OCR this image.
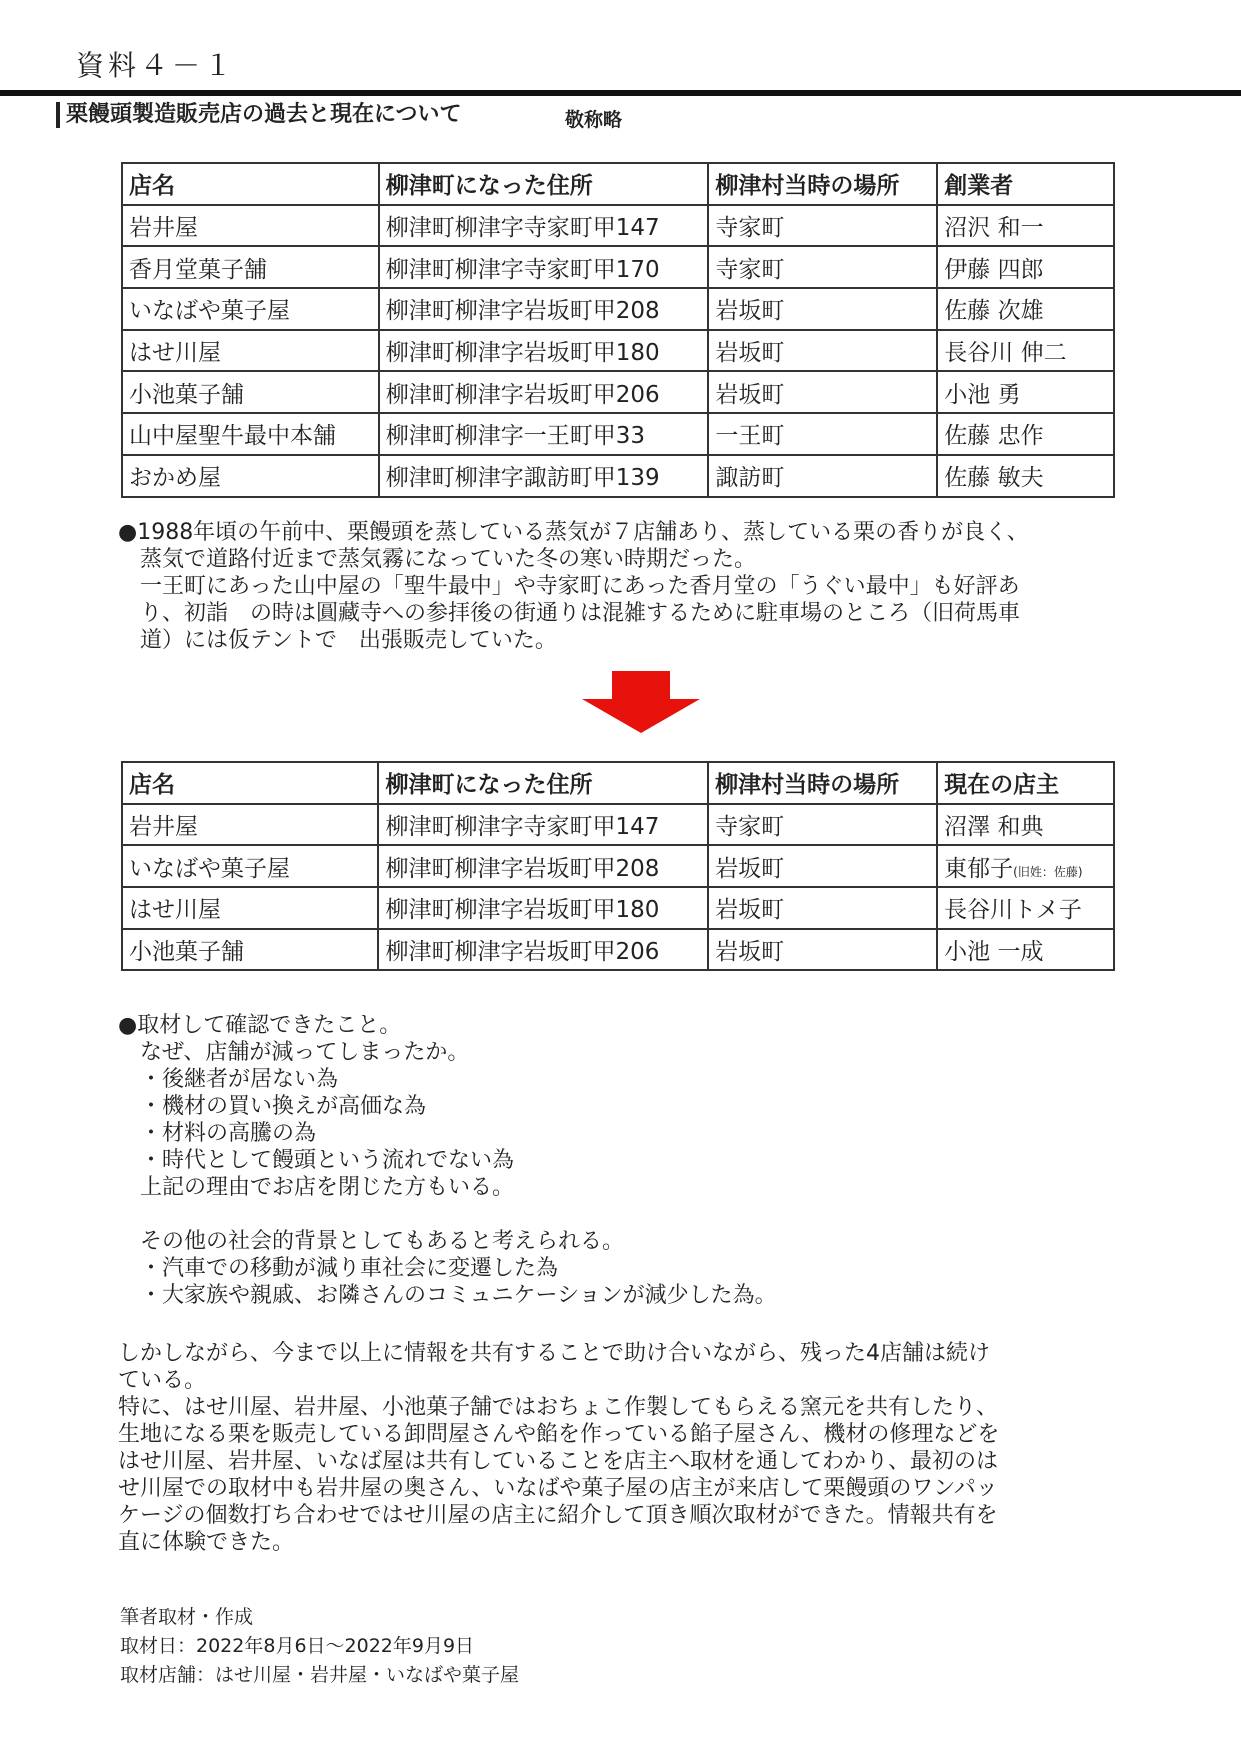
資料４－１
栗饅頭製造販売店の過去と現在について	敬称略
店名	柳津町になった住所	柳津村当時の場所	創業者
岩井屋	柳津町柳津字寺家町甲147	寺家町	沼沢 和一
香月堂菓子舗	柳津町柳津字寺家町甲170	寺家町	伊藤 四郎
いなばや菓子屋	柳津町柳津字岩坂町甲208	岩坂町	佐藤 次雄
はせ川屋	柳津町柳津字岩坂町甲180	岩坂町	長谷川 伸二
小池菓子舗	柳津町柳津字岩坂町甲206	岩坂町	小池 勇
山中屋聖牛最中本舗	柳津町柳津字一王町甲33	一王町	佐藤 忠作
おかめ屋	柳津町柳津字諏訪町甲139	諏訪町	佐藤 敏夫
●1988年頃の午前中、栗饅頭を蒸している蒸気が７店舗あり、蒸している栗の香りが良く、
　蒸気で道路付近まで蒸気霧になっていた冬の寒い時期だった。
　一王町にあった山中屋の「聖牛最中」や寺家町にあった香月堂の「うぐい最中」も好評あ
　り、初詣　の時は圓藏寺への参拝後の街通りは混雑するために駐車場のところ（旧荷馬車
　道）には仮テントで　出張販売していた。
店名	柳津町になった住所	柳津村当時の場所	現在の店主
岩井屋	柳津町柳津字寺家町甲147	寺家町	沼澤 和典
いなばや菓子屋	柳津町柳津字岩坂町甲208	岩坂町	東郁子(旧姓：佐藤)
はせ川屋	柳津町柳津字岩坂町甲180	岩坂町	長谷川トメ子
小池菓子舗	柳津町柳津字岩坂町甲206	岩坂町	小池 一成
●取材して確認できたこと。
　なぜ、店舗が減ってしまったか。
　・後継者が居ない為
　・機材の買い換えが高価な為
　・材料の高騰の為
　・時代として饅頭という流れでない為
　上記の理由でお店を閉じた方もいる。

　その他の社会的背景としてもあると考えられる。
　・汽車での移動が減り車社会に変遷した為
　・大家族や親戚、お隣さんのコミュニケーションが減少した為。
しかしながら、今まで以上に情報を共有することで助け合いながら、残った4店舗は続け
ている。
特に、はせ川屋、岩井屋、小池菓子舗ではおちょこ作製してもらえる窯元を共有したり、
生地になる栗を販売している卸問屋さんや餡を作っている餡子屋さん、機材の修理などを
はせ川屋、岩井屋、いなば屋は共有していることを店主へ取材を通してわかり、最初のは
せ川屋での取材中も岩井屋の奥さん、いなばや菓子屋の店主が来店して栗饅頭のワンパッ
ケージの個数打ち合わせではせ川屋の店主に紹介して頂き順次取材ができた。情報共有を
直に体験できた。
筆者取材・作成
取材日：2022年8月6日～2022年9月9日
取材店舗：はせ川屋・岩井屋・いなばや菓子屋
